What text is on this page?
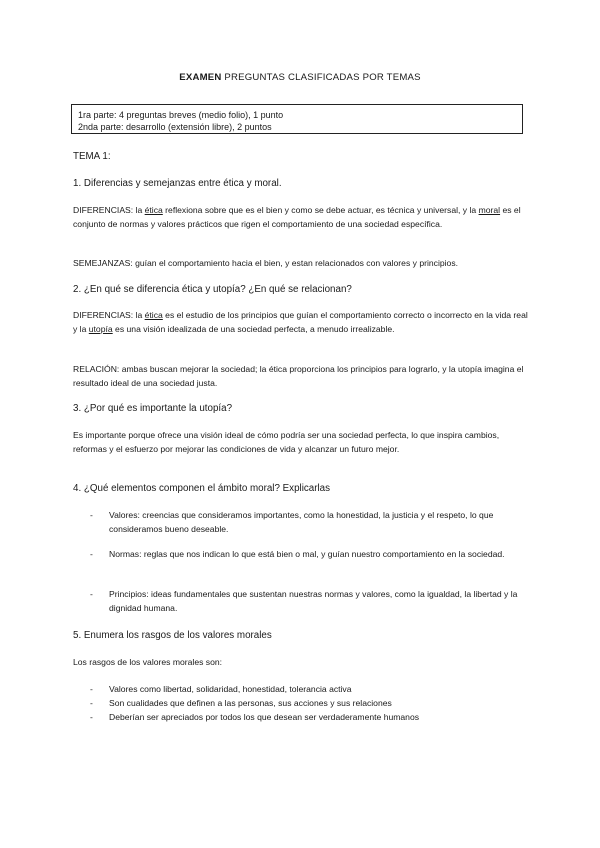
EXAMEN PREGUNTAS CLASIFICADAS POR TEMAS
1ra parte: 4 preguntas breves (medio folio), 1 punto
2nda parte: desarrollo (extensión libre), 2 puntos
TEMA 1:
1. Diferencias y semejanzas entre ética y moral.
DIFERENCIAS: la ética reflexiona sobre que es el bien y como se debe actuar, es técnica y universal, y la moral es el conjunto de normas y valores prácticos que rigen el comportamiento de una sociedad específica.
SEMEJANZAS: guían el comportamiento hacia el bien, y estan relacionados con valores y principios.
2. ¿En qué se diferencia ética y utopía? ¿En qué se relacionan?
DIFERENCIAS: la ética es el estudio de los principios que guían el comportamiento correcto o incorrecto en la vida real y la utopía es una visión idealizada de una sociedad perfecta, a menudo irrealizable.
RELACIÓN: ambas buscan mejorar la sociedad; la ética proporciona los principios para lograrlo, y la utopía imagina el resultado ideal de una sociedad justa.
3. ¿Por qué es importante la utopía?
Es importante porque ofrece una visión ideal de cómo podría ser una sociedad perfecta, lo que inspira cambios, reformas y el esfuerzo por mejorar las condiciones de vida y alcanzar un futuro mejor.
4. ¿Qué elementos componen el ámbito moral? Explicarlas
- Valores: creencias que consideramos importantes, como la honestidad, la justicia y el respeto, lo que consideramos bueno deseable.
- Normas: reglas que nos indican lo que está bien o mal, y guían nuestro comportamiento en la sociedad.
- Principios: ideas fundamentales que sustentan nuestras normas y valores, como la igualdad, la libertad y la dignidad humana.
5. Enumera los rasgos de los valores morales
Los rasgos de los valores morales son:
- Valores como libertad, solidaridad, honestidad, tolerancia activa
- Son cualidades que definen a las personas, sus acciones y sus relaciones
- Deberían ser apreciados por todos los que desean ser verdaderamente humanos
